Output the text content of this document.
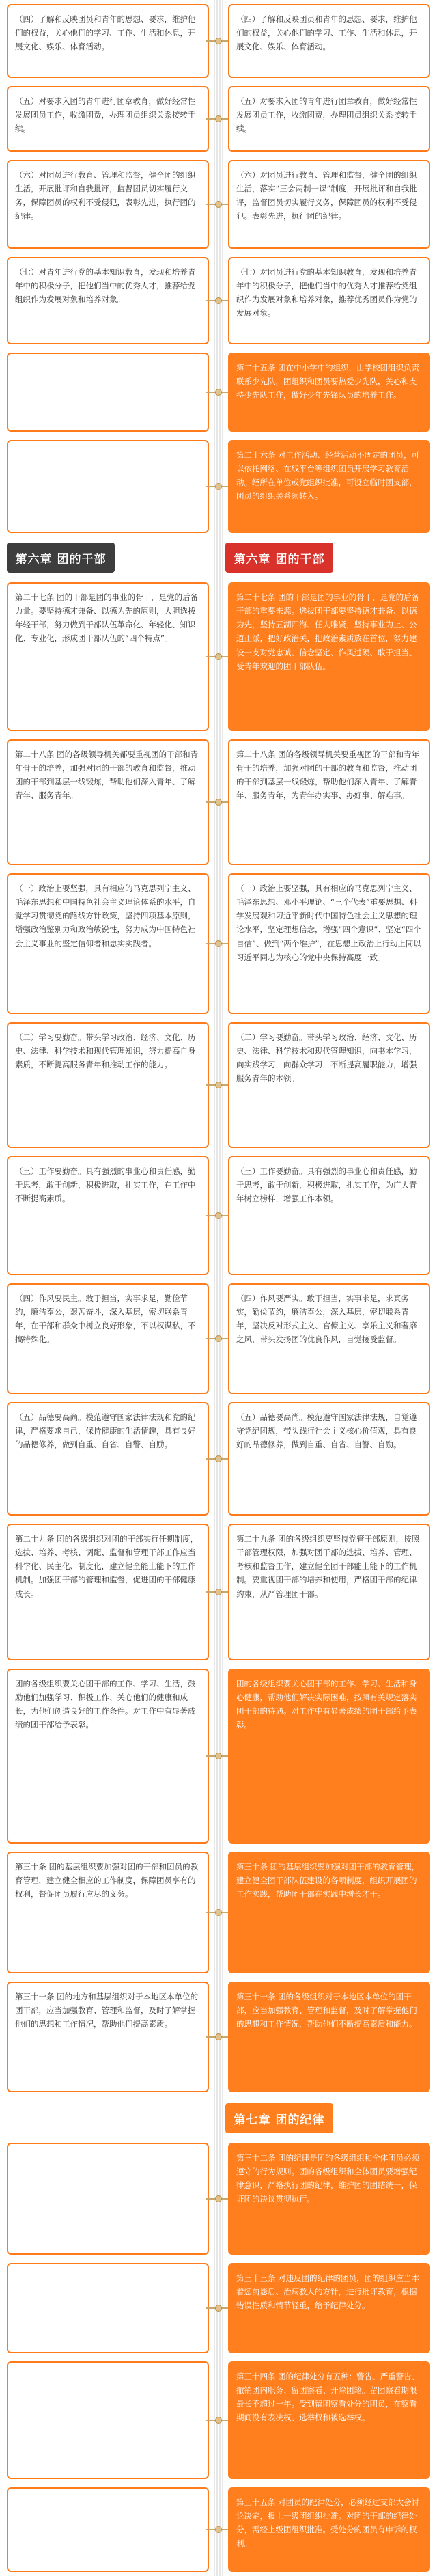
（四）了解和反映团员和青年的思想、要求，维护他们的权益，关心他们的学习、工作、生活和休息，开展文化、娱乐、体育活动。

（四）了解和反映团员和青年的思想、要求，维护他们的权益，关心他们的学习、工作、生活和休息，开展文化、娱乐、体育活动。

（五）对要求入团的青年进行团章教育，做好经常性发展团员工作，收缴团费，办理团员组织关系接转手续。

（五）对要求入团的青年进行团章教育，做好经常性发展团员工作，收缴团费，办理团员组织关系接转手续。

（六）对团员进行教育、管理和监督，健全团的组织生活，开展批评和自我批评，监督团员切实履行义务，保障团员的权利不受侵犯，表彰先进，执行团的纪律。

（六）对团员进行教育、管理和监督，健全团的组织生活，落实“三会两制一课”制度，开展批评和自我批评，监督团员切实履行义务，保障团员的权利不受侵犯。表彰先进，执行团的纪律。

（七）对青年进行党的基本知识教育，发现和培养青年中的积极分子，把他们当中的优秀人才，推荐给党组织作为发展对象和培养对象。

（七）对团员进行党的基本知识教育，发现和培养青年中的积极分子，把他们当中的优秀人才推荐给党组织作为发展对象和培养对象，推荐优秀团员作为党的发展对象。

第二十五条 团在中小学中的组织，由学校团组织负责联系少先队，团组织和团员要热爱少先队，关心和支持少先队工作，做好少年先锋队员的培养工作。

第二十六条 对工作活动、经营活动不固定的团员，可以依托网络、在线平台等组织团员开展学习教育活动。经所在单位或党组织批准，可设立临时团支部，团员的组织关系须转入。

第六章 团的干部	第六章 团的干部

第二十七条 团的干部是团的事业的骨干，是党的后备力量。要坚持德才兼备、以德为先的原则，大胆选拔年轻干部，努力做到干部队伍革命化、年轻化、知识化、专业化，形成团干部队伍的“四个特点”。

第二十七条 团的干部是团的事业的骨干，是党的后备干部的重要来源。选拔团干部要坚持德才兼备、以德为先，坚持五湖四海、任人唯贤，坚持事业为上、公道正派，把好政治关，把政治素质放在首位，努力建设一支对党忠诚、信念坚定、作风过硬、敢于担当、受青年欢迎的团干部队伍。

第二十八条 团的各级领导机关都要重视团的干部和青年骨干的培养，加强对团的干部的教育和监督，推动团的干部到基层一线锻炼，帮助他们深入青年、了解青年、服务青年。

第二十八条 团的各级领导机关要重视团的干部和青年骨干的培养，加强对团的干部的教育和监督，推动团的干部到基层一线锻炼，帮助他们深入青年、了解青年、服务青年，为青年办实事、办好事、解难事。

（一）政治上要坚强，具有相应的马克思列宁主义、毛泽东思想和中国特色社会主义理论体系的水平，自觉学习贯彻党的路线方针政策，坚持四项基本原则，增强政治鉴别力和政治敏锐性，努力成为中国特色社会主义事业的坚定信仰者和忠实实践者。

（一）政治上要坚强，具有相应的马克思列宁主义、毛泽东思想、邓小平理论、“三个代表”重要思想、科学发展观和习近平新时代中国特色社会主义思想的理论水平，坚定理想信念，增强“四个意识”、坚定“四个自信”、做到“两个维护”，在思想上政治上行动上同以习近平同志为核心的党中央保持高度一致。

（二）学习要勤奋。带头学习政治、经济、文化、历史、法律、科学技术和现代管理知识，努力提高自身素质，不断提高服务青年和推动工作的能力。

（二）学习要勤奋。带头学习政治、经济、文化、历史、法律、科学技术和现代管理知识，向书本学习，向实践学习，向群众学习，不断提高履职能力，增强服务青年的本领。

（三）工作要勤奋。具有强烈的事业心和责任感，勤于思考，敢于创新，积极进取，扎实工作，在工作中不断提高素质。

（三）工作要勤奋。具有强烈的事业心和责任感，勤于思考，敢于创新，积极进取，扎实工作，为广大青年树立榜样，增强工作本领。

（四）作风要民主。敢于担当，实事求是，勤俭节约，廉洁奉公，艰苦奋斗，深入基层，密切联系青年，在干部和群众中树立良好形象，不以权谋私，不搞特殊化。

（四）作风要严实。敢于担当，实事求是，求真务实，勤俭节约，廉洁奉公，深入基层，密切联系青年，坚决反对形式主义、官僚主义、享乐主义和奢靡之风，带头发扬团的优良作风，自觉接受监督。

（五）品德要高尚。模范遵守国家法律法规和党的纪律，严格要求自己，保持健康的生活情趣，具有良好的品德修养，做到自重、自省、自警、自励。

（五）品德要高尚。模范遵守国家法律法规，自觉遵守党纪团规，带头践行社会主义核心价值观，具有良好的品德修养，做到自重、自省、自警、自励。

第二十九条 团的各级组织对团的干部实行任期制度，选拔、培养、考核、调配、监督和管理干部工作应当科学化、民主化、制度化，建立健全能上能下的工作机制。加强团干部的管理和监督，促进团的干部健康成长。

第二十九条 团的各级组织要坚持党管干部原则，按照干部管理权限，加强对团干部的选拔、培养、管理、考核和监督工作，建立健全团干部能上能下的工作机制。要重视团干部的培养和使用，严格团干部的纪律约束，从严管理团干部。

团的各级组织要关心团干部的工作、学习、生活，鼓励他们加强学习、积极工作、关心他们的健康和成长，为他们创造良好的工作条件。对工作中有显著成绩的团干部给予表彰。

团的各级组织要关心团干部的工作、学习、生活和身心健康，帮助他们解决实际困难，按照有关规定落实团干部的待遇。对工作中有显著成绩的团干部给予表彰。

第三十条 团的基层组织要加强对团的干部和团员的教育管理，建立健全相应的工作制度，保障团员享有的权利，督促团员履行应尽的义务。

第三十条 团的基层组织要加强对团干部的教育管理，建立健全团干部队伍建设的各项制度，组织开展团的工作实践，帮助团干部在实践中增长才干。

第三十一条 团的地方和基层组织对于本地区本单位的团干部，应当加强教育、管理和监督，及时了解掌握他们的思想和工作情况，帮助他们提高素质。

第三十一条 团的各级组织对于本地区本单位的团干部，应当加强教育、管理和监督，及时了解掌握他们的思想和工作情况，帮助他们不断提高素质和能力。

第七章 团的纪律

第三十二条 团的纪律是团的各级组织和全体团员必须遵守的行为规则。团的各级组织和全体团员要增强纪律意识，严格执行团的纪律，维护团的团结统一，保证团的决议贯彻执行。

第三十三条 对违反团的纪律的团员，团的组织应当本着惩前毖后、治病救人的方针，进行批评教育，根据错误性质和情节轻重，给予纪律处分。

第三十四条 团的纪律处分有五种：警告、严重警告、撤销团内职务、留团察看、开除团籍。留团察看期限最长不超过一年。受到留团察看处分的团员，在察看期间没有表决权、选举权和被选举权。

第三十五条 对团员的纪律处分，必须经过支部大会讨论决定，报上一级团组织批准。对团的干部的纪律处分，需经上级团组织批准。受处分的团员有申诉的权利。
